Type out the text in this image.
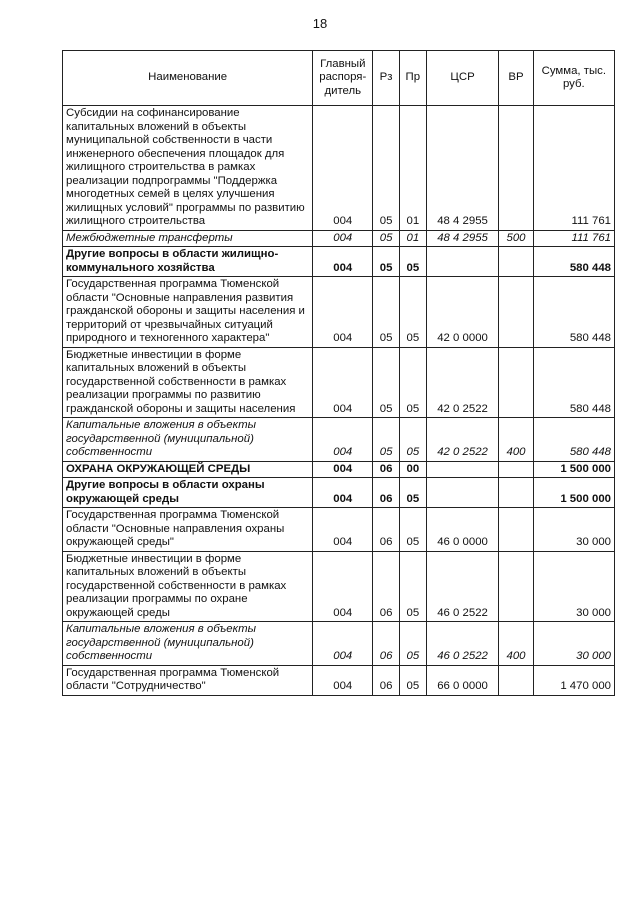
18
Наименование	Главный распоря-дитель	Рз	Пр	ЦСР	ВР	Сумма, тыс. руб.
Субсидии на софинансирование капитальных вложений в объекты муниципальной собственности в части инженерного обеспечения площадок для жилищного строительства в рамках реализации подпрограммы "Поддержка многодетных семей в целях улучшения жилищных условий" программы по развитию жилищного строительства	004	05	01	48 4 2955		111 761
Межбюджетные трансферты	004	05	01	48 4 2955	500	111 761
Другие вопросы в области жилищно-коммунального хозяйства	004	05	05			580 448
Государственная программа Тюменской области "Основные направления развития гражданской обороны и защиты населения и территорий от чрезвычайных ситуаций природного и техногенного характера"	004	05	05	42 0 0000		580 448
Бюджетные инвестиции в форме капитальных вложений в объекты государственной собственности в рамках реализации программы по развитию гражданской обороны и защиты населения	004	05	05	42 0 2522		580 448
Капитальные вложения в объекты государственной (муниципальной) собственности	004	05	05	42 0 2522	400	580 448
ОХРАНА ОКРУЖАЮЩЕЙ СРЕДЫ	004	06	00			1 500 000
Другие вопросы в области охраны окружающей среды	004	06	05			1 500 000
Государственная программа Тюменской области "Основные направления охраны окружающей среды"	004	06	05	46 0 0000		30 000
Бюджетные инвестиции в форме капитальных вложений в объекты государственной собственности в рамках реализации программы по охране окружающей среды	004	06	05	46 0 2522		30 000
Капитальные вложения в объекты государственной (муниципальной) собственности	004	06	05	46 0 2522	400	30 000
Государственная программа Тюменской области "Сотрудничество"	004	06	05	66 0 0000		1 470 000
